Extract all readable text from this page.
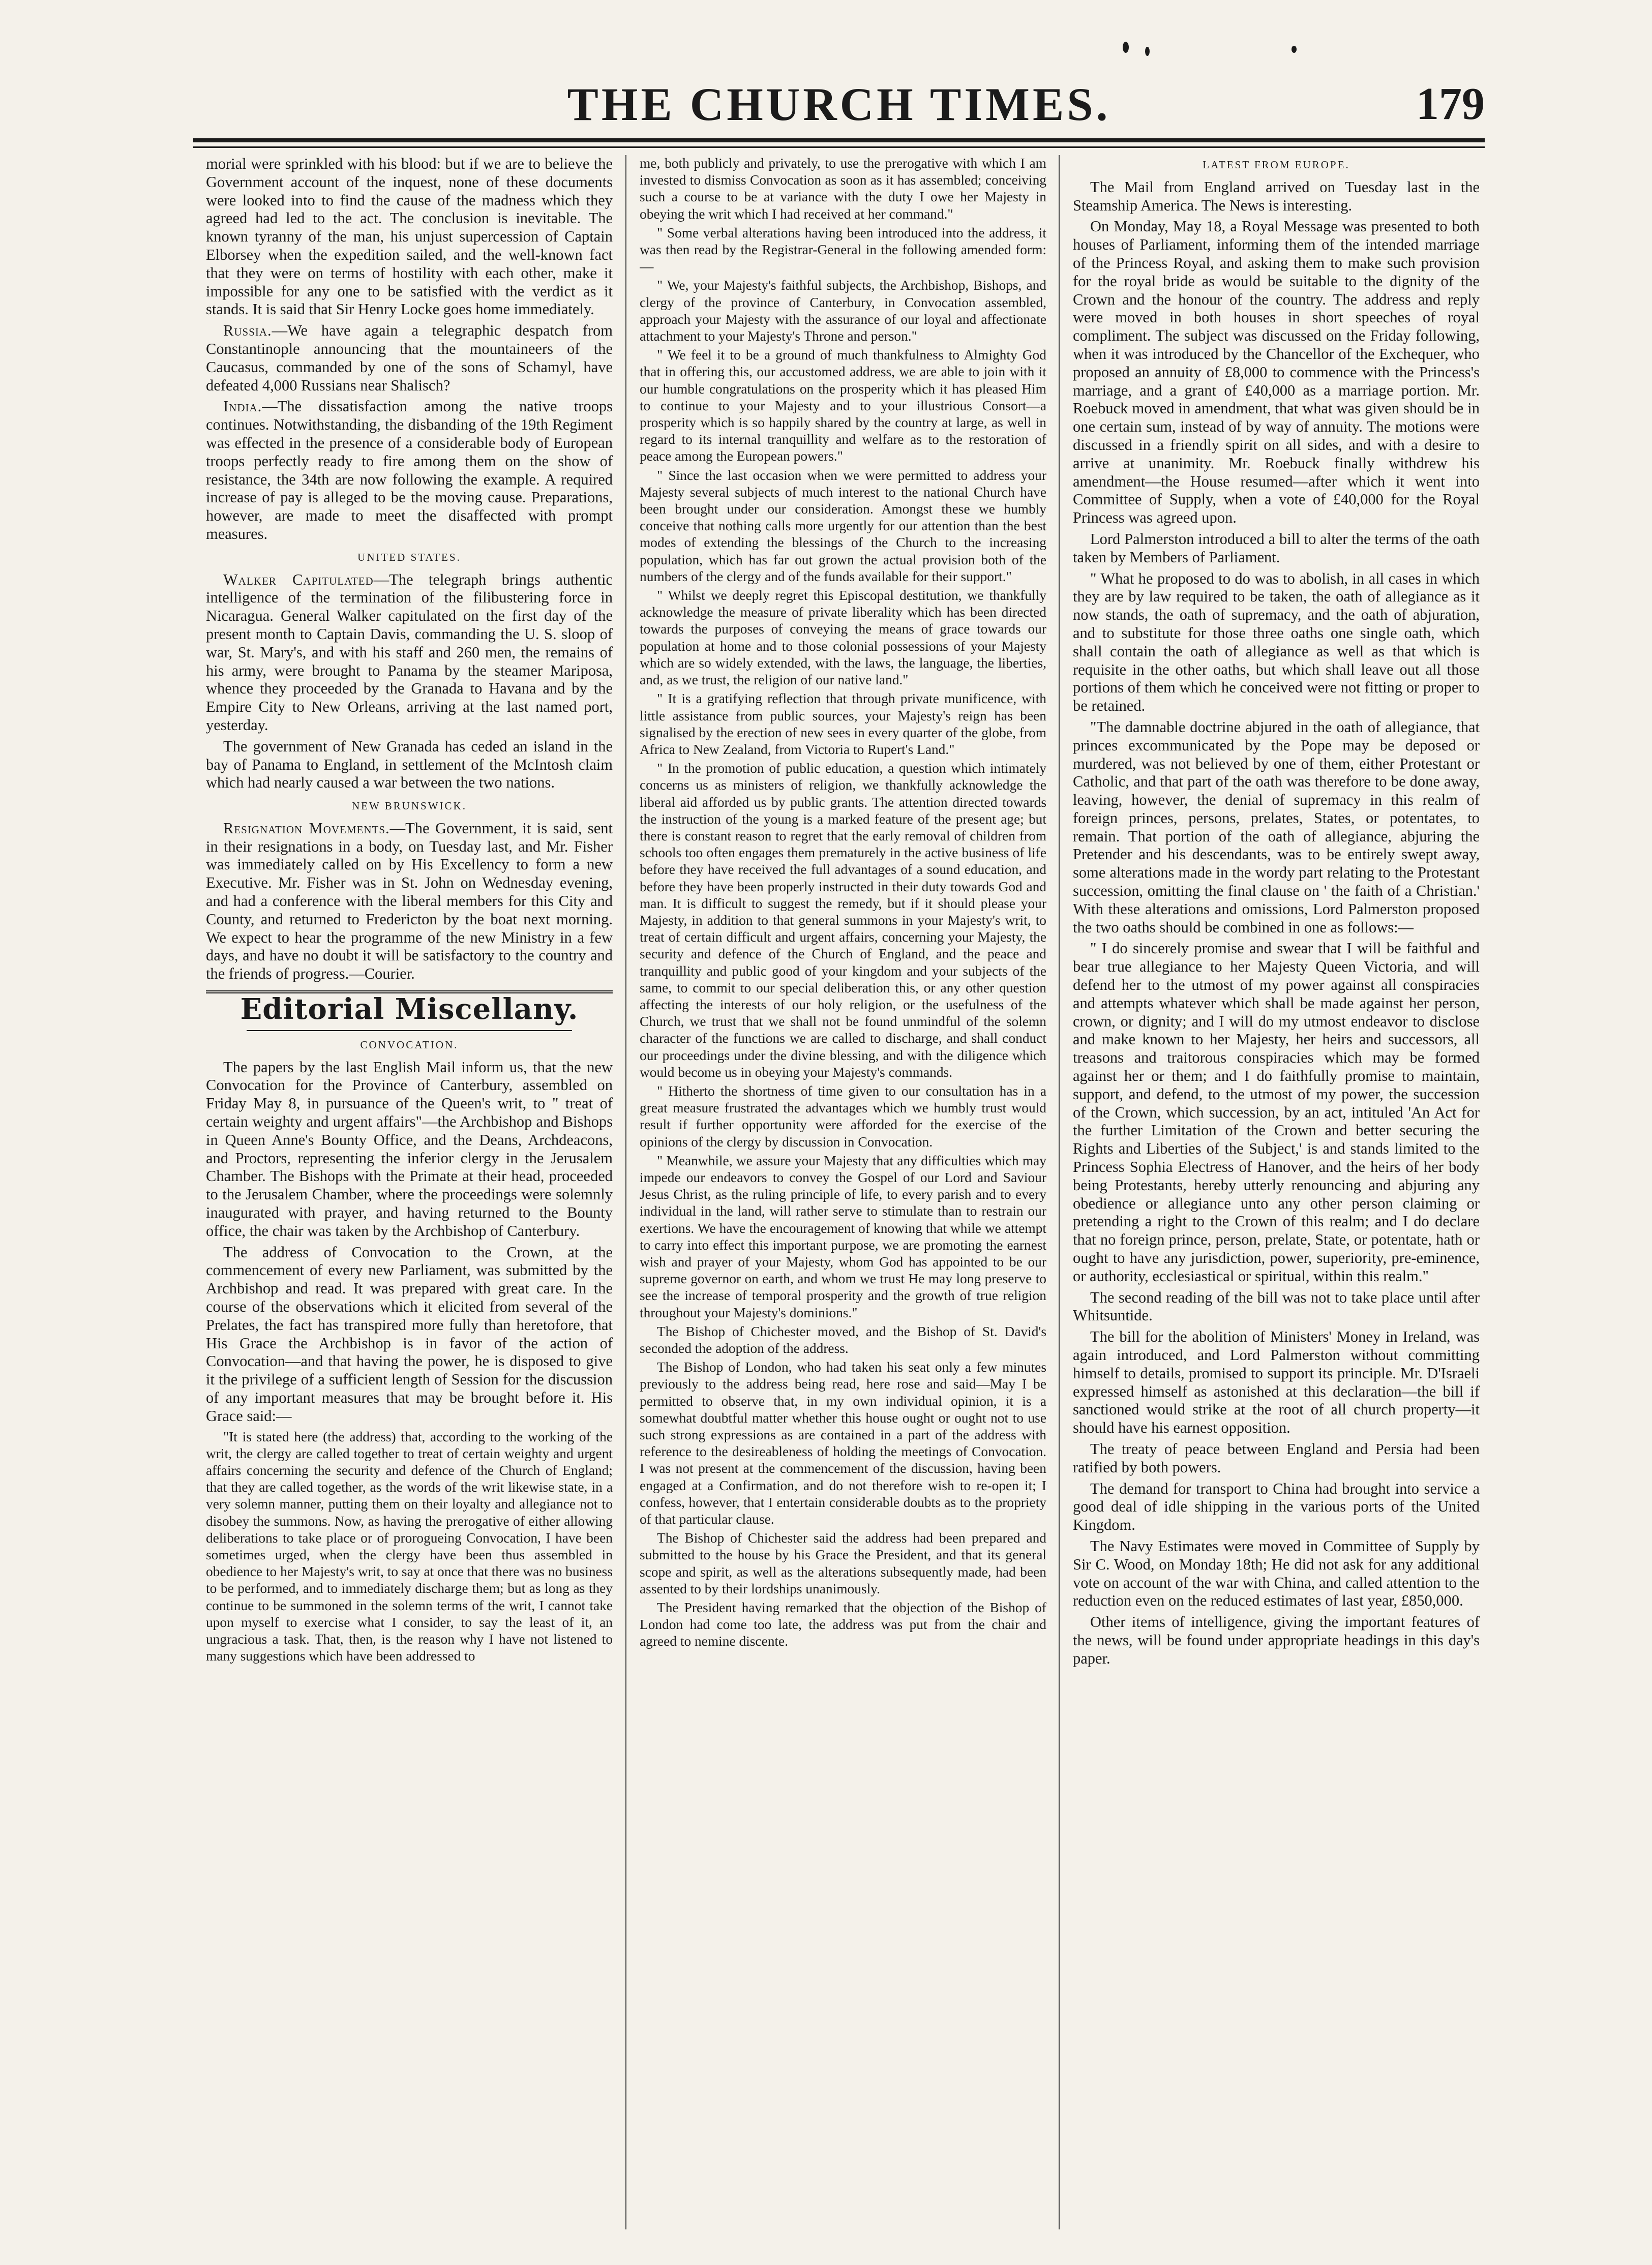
THE CHURCH TIMES.	179

morial were sprinkled with his blood: but if we are to believe the Government account of the inquest, none of these documents were looked into to find the cause of the madness which they agreed had led to the act. The conclusion is inevitable. The known tyranny of the man, his unjust supercession of Captain Elborsey when the expedition sailed, and the well-known fact that they were on terms of hostility with each other, make it impossible for any one to be satisfied with the verdict as it stands. It is said that Sir Henry Locke goes home immediately.

Russia.—We have again a telegraphic despatch from Constantinople announcing that the mountaineers of the Caucasus, commanded by one of the sons of Schamyl, have defeated 4,000 Russians near Shalisch?

India.—The dissatisfaction among the native troops continues. Notwithstanding, the disbanding of the 19th Regiment was effected in the presence of a considerable body of European troops perfectly ready to fire among them on the show of resistance, the 34th are now following the example. A required increase of pay is alleged to be the moving cause. Preparations, however, are made to meet the disaffected with prompt measures.

UNITED STATES.

Walker Capitulated—The telegraph brings authentic intelligence of the termination of the filibustering force in Nicaragua. General Walker capitulated on the first day of the present month to Captain Davis, commanding the U. S. sloop of war, St. Mary's, and with his staff and 260 men, the remains of his army, were brought to Panama by the steamer Mariposa, whence they proceeded by the Granada to Havana and by the Empire City to New Orleans, arriving at the last named port, yesterday.

The government of New Granada has ceded an island in the bay of Panama to England, in settlement of the McIntosh claim which had nearly caused a war between the two nations.

NEW BRUNSWICK.

Resignation Movements.—The Government, it is said, sent in their resignations in a body, on Tuesday last, and Mr. Fisher was immediately called on by His Excellency to form a new Executive. Mr. Fisher was in St. John on Wednesday evening, and had a conference with the liberal members for this City and County, and returned to Fredericton by the boat next morning. We expect to hear the programme of the new Ministry in a few days, and have no doubt it will be satisfactory to the country and the friends of progress.—Courier.

Editorial Miscellany.
CONVOCATION.

The papers by the last English Mail inform us, that the new Convocation for the Province of Canterbury, assembled on Friday May 8, in pursuance of the Queen's writ, to " treat of certain weighty and urgent affairs"—the Archbishop and Bishops in Queen Anne's Bounty Office, and the Deans, Archdeacons, and Proctors, representing the inferior clergy in the Jerusalem Chamber. The Bishops with the Primate at their head, proceeded to the Jerusalem Chamber, where the proceedings were solemnly inaugurated with prayer, and having returned to the Bounty office, the chair was taken by the Archbishop of Canterbury.

The address of Convocation to the Crown, at the commencement of every new Parliament, was submitted by the Archbishop and read. It was prepared with great care. In the course of the observations which it elicited from several of the Prelates, the fact has transpired more fully than heretofore, that His Grace the Archbishop is in favor of the action of Convocation—and that having the power, he is disposed to give it the privilege of a sufficient length of Session for the discussion of any important measures that may be brought before it. His Grace said:—

"It is stated here (the address) that, according to the working of the writ, the clergy are called together to treat of certain weighty and urgent affairs concerning the security and defence of the Church of England; that they are called together, as the words of the writ likewise state, in a very solemn manner, putting them on their loyalty and allegiance not to disobey the summons. Now, as having the prerogative of either allowing deliberations to take place or of prorogueing Convocation, I have been sometimes urged, when the clergy have been thus assembled in obedience to her Majesty's writ, to say at once that there was no business to be performed, and to immediately discharge them; but as long as they continue to be summoned in the solemn terms of the writ, I cannot take upon myself to exercise what I consider, to say the least of it, an ungracious a task. That, then, is the reason why I have not listened to many suggestions which have been addressed to

me, both publicly and privately, to use the prerogative with which I am invested to dismiss Convocation as soon as it has assembled; conceiving such a course to be at variance with the duty I owe her Majesty in obeying the writ which I had received at her command."

" Some verbal alterations having been introduced into the address, it was then read by the Registrar-General in the following amended form:—

" We, your Majesty's faithful subjects, the Archbishop, Bishops, and clergy of the province of Canterbury, in Convocation assembled, approach your Majesty with the assurance of our loyal and affectionate attachment to your Majesty's Throne and person."

" We feel it to be a ground of much thankfulness to Almighty God that in offering this, our accustomed address, we are able to join with it our humble congratulations on the prosperity which it has pleased Him to continue to your Majesty and to your illustrious Consort—a prosperity which is so happily shared by the country at large, as well in regard to its internal tranquillity and welfare as to the restoration of peace among the European powers."

" Since the last occasion when we were permitted to address your Majesty several subjects of much interest to the national Church have been brought under our consideration. Amongst these we humbly conceive that nothing calls more urgently for our attention than the best modes of extending the blessings of the Church to the increasing population, which has far out grown the actual provision both of the numbers of the clergy and of the funds available for their support."

" Whilst we deeply regret this Episcopal destitution, we thankfully acknowledge the measure of private liberality which has been directed towards the purposes of conveying the means of grace towards our population at home and to those colonial possessions of your Majesty which are so widely extended, with the laws, the language, the liberties, and, as we trust, the religion of our native land."

" It is a gratifying reflection that through private munificence, with little assistance from public sources, your Majesty's reign has been signalised by the erection of new sees in every quarter of the globe, from Africa to New Zealand, from Victoria to Rupert's Land."

" In the promotion of public education, a question which intimately concerns us as ministers of religion, we thankfully acknowledge the liberal aid afforded us by public grants. The attention directed towards the instruction of the young is a marked feature of the present age; but there is constant reason to regret that the early removal of children from schools too often engages them prematurely in the active business of life before they have received the full advantages of a sound education, and before they have been properly instructed in their duty towards God and man. It is difficult to suggest the remedy, but if it should please your Majesty, in addition to that general summons in your Majesty's writ, to treat of certain difficult and urgent affairs, concerning your Majesty, the security and defence of the Church of England, and the peace and tranquillity and public good of your kingdom and your subjects of the same, to commit to our special deliberation this, or any other question affecting the interests of our holy religion, or the usefulness of the Church, we trust that we shall not be found unmindful of the solemn character of the functions we are called to discharge, and shall conduct our proceedings under the divine blessing, and with the diligence which would become us in obeying your Majesty's commands.

" Hitherto the shortness of time given to our consultation has in a great measure frustrated the advantages which we humbly trust would result if further opportunity were afforded for the exercise of the opinions of the clergy by discussion in Convocation.

" Meanwhile, we assure your Majesty that any difficulties which may impede our endeavors to convey the Gospel of our Lord and Saviour Jesus Christ, as the ruling principle of life, to every parish and to every individual in the land, will rather serve to stimulate than to restrain our exertions. We have the encouragement of knowing that while we attempt to carry into effect this important purpose, we are promoting the earnest wish and prayer of your Majesty, whom God has appointed to be our supreme governor on earth, and whom we trust He may long preserve to see the increase of temporal prosperity and the growth of true religion throughout your Majesty's dominions."

The Bishop of Chichester moved, and the Bishop of St. David's seconded the adoption of the address.

The Bishop of London, who had taken his seat only a few minutes previously to the address being read, here rose and said—May I be permitted to observe that, in my own individual opinion, it is a somewhat doubtful matter whether this house ought or ought not to use such strong expressions as are contained in a part of the address with reference to the desireableness of holding the meetings of Convocation. I was not present at the commencement of the discussion, having been engaged at a Confirmation, and do not therefore wish to re-open it; I confess, however, that I entertain considerable doubts as to the propriety of that particular clause.

The Bishop of Chichester said the address had been prepared and submitted to the house by his Grace the President, and that its general scope and spirit, as well as the alterations subsequently made, had been assented to by their lordships unanimously.

The President having remarked that the objection of the Bishop of London had come too late, the address was put from the chair and agreed to nemine discente.

LATEST FROM EUROPE.

The Mail from England arrived on Tuesday last in the Steamship America. The News is interesting.

On Monday, May 18, a Royal Message was presented to both houses of Parliament, informing them of the intended marriage of the Princess Royal, and asking them to make such provision for the royal bride as would be suitable to the dignity of the Crown and the honour of the country. The address and reply were moved in both houses in short speeches of royal compliment. The subject was discussed on the Friday following, when it was introduced by the Chancellor of the Exchequer, who proposed an annuity of £8,000 to commence with the Princess's marriage, and a grant of £40,000 as a marriage portion. Mr. Roebuck moved in amendment, that what was given should be in one certain sum, instead of by way of annuity. The motions were discussed in a friendly spirit on all sides, and with a desire to arrive at unanimity. Mr. Roebuck finally withdrew his amendment—the House resumed—after which it went into Committee of Supply, when a vote of £40,000 for the Royal Princess was agreed upon.

Lord Palmerston introduced a bill to alter the terms of the oath taken by Members of Parliament.

" What he proposed to do was to abolish, in all cases in which they are by law required to be taken, the oath of allegiance as it now stands, the oath of supremacy, and the oath of abjuration, and to substitute for those three oaths one single oath, which shall contain the oath of allegiance as well as that which is requisite in the other oaths, but which shall leave out all those portions of them which he conceived were not fitting or proper to be retained.

"The damnable doctrine abjured in the oath of allegiance, that princes excommunicated by the Pope may be deposed or murdered, was not believed by one of them, either Protestant or Catholic, and that part of the oath was therefore to be done away, leaving, however, the denial of supremacy in this realm of foreign princes, persons, prelates, States, or potentates, to remain. That portion of the oath of allegiance, abjuring the Pretender and his descendants, was to be entirely swept away, some alterations made in the wordy part relating to the Protestant succession, omitting the final clause on ' the faith of a Christian.' With these alterations and omissions, Lord Palmerston proposed the two oaths should be combined in one as follows:—

" I do sincerely promise and swear that I will be faithful and bear true allegiance to her Majesty Queen Victoria, and will defend her to the utmost of my power against all conspiracies and attempts whatever which shall be made against her person, crown, or dignity; and I will do my utmost endeavor to disclose and make known to her Majesty, her heirs and successors, all treasons and traitorous conspiracies which may be formed against her or them; and I do faithfully promise to maintain, support, and defend, to the utmost of my power, the succession of the Crown, which succession, by an act, intituled 'An Act for the further Limitation of the Crown and better securing the Rights and Liberties of the Subject,' is and stands limited to the Princess Sophia Electress of Hanover, and the heirs of her body being Protestants, hereby utterly renouncing and abjuring any obedience or allegiance unto any other person claiming or pretending a right to the Crown of this realm; and I do declare that no foreign prince, person, prelate, State, or potentate, hath or ought to have any jurisdiction, power, superiority, pre-eminence, or authority, ecclesiastical or spiritual, within this realm."

The second reading of the bill was not to take place until after Whitsuntide.

The bill for the abolition of Ministers' Money in Ireland, was again introduced, and Lord Palmerston without committing himself to details, promised to support its principle. Mr. D'Israeli expressed himself as astonished at this declaration—the bill if sanctioned would strike at the root of all church property—it should have his earnest opposition.

The treaty of peace between England and Persia had been ratified by both powers.

The demand for transport to China had brought into service a good deal of idle shipping in the various ports of the United Kingdom.

The Navy Estimates were moved in Committee of Supply by Sir C. Wood, on Monday 18th; He did not ask for any additional vote on account of the war with China, and called attention to the reduction even on the reduced estimates of last year, £850,000.

Other items of intelligence, giving the important features of the news, will be found under appropriate headings in this day's paper.
